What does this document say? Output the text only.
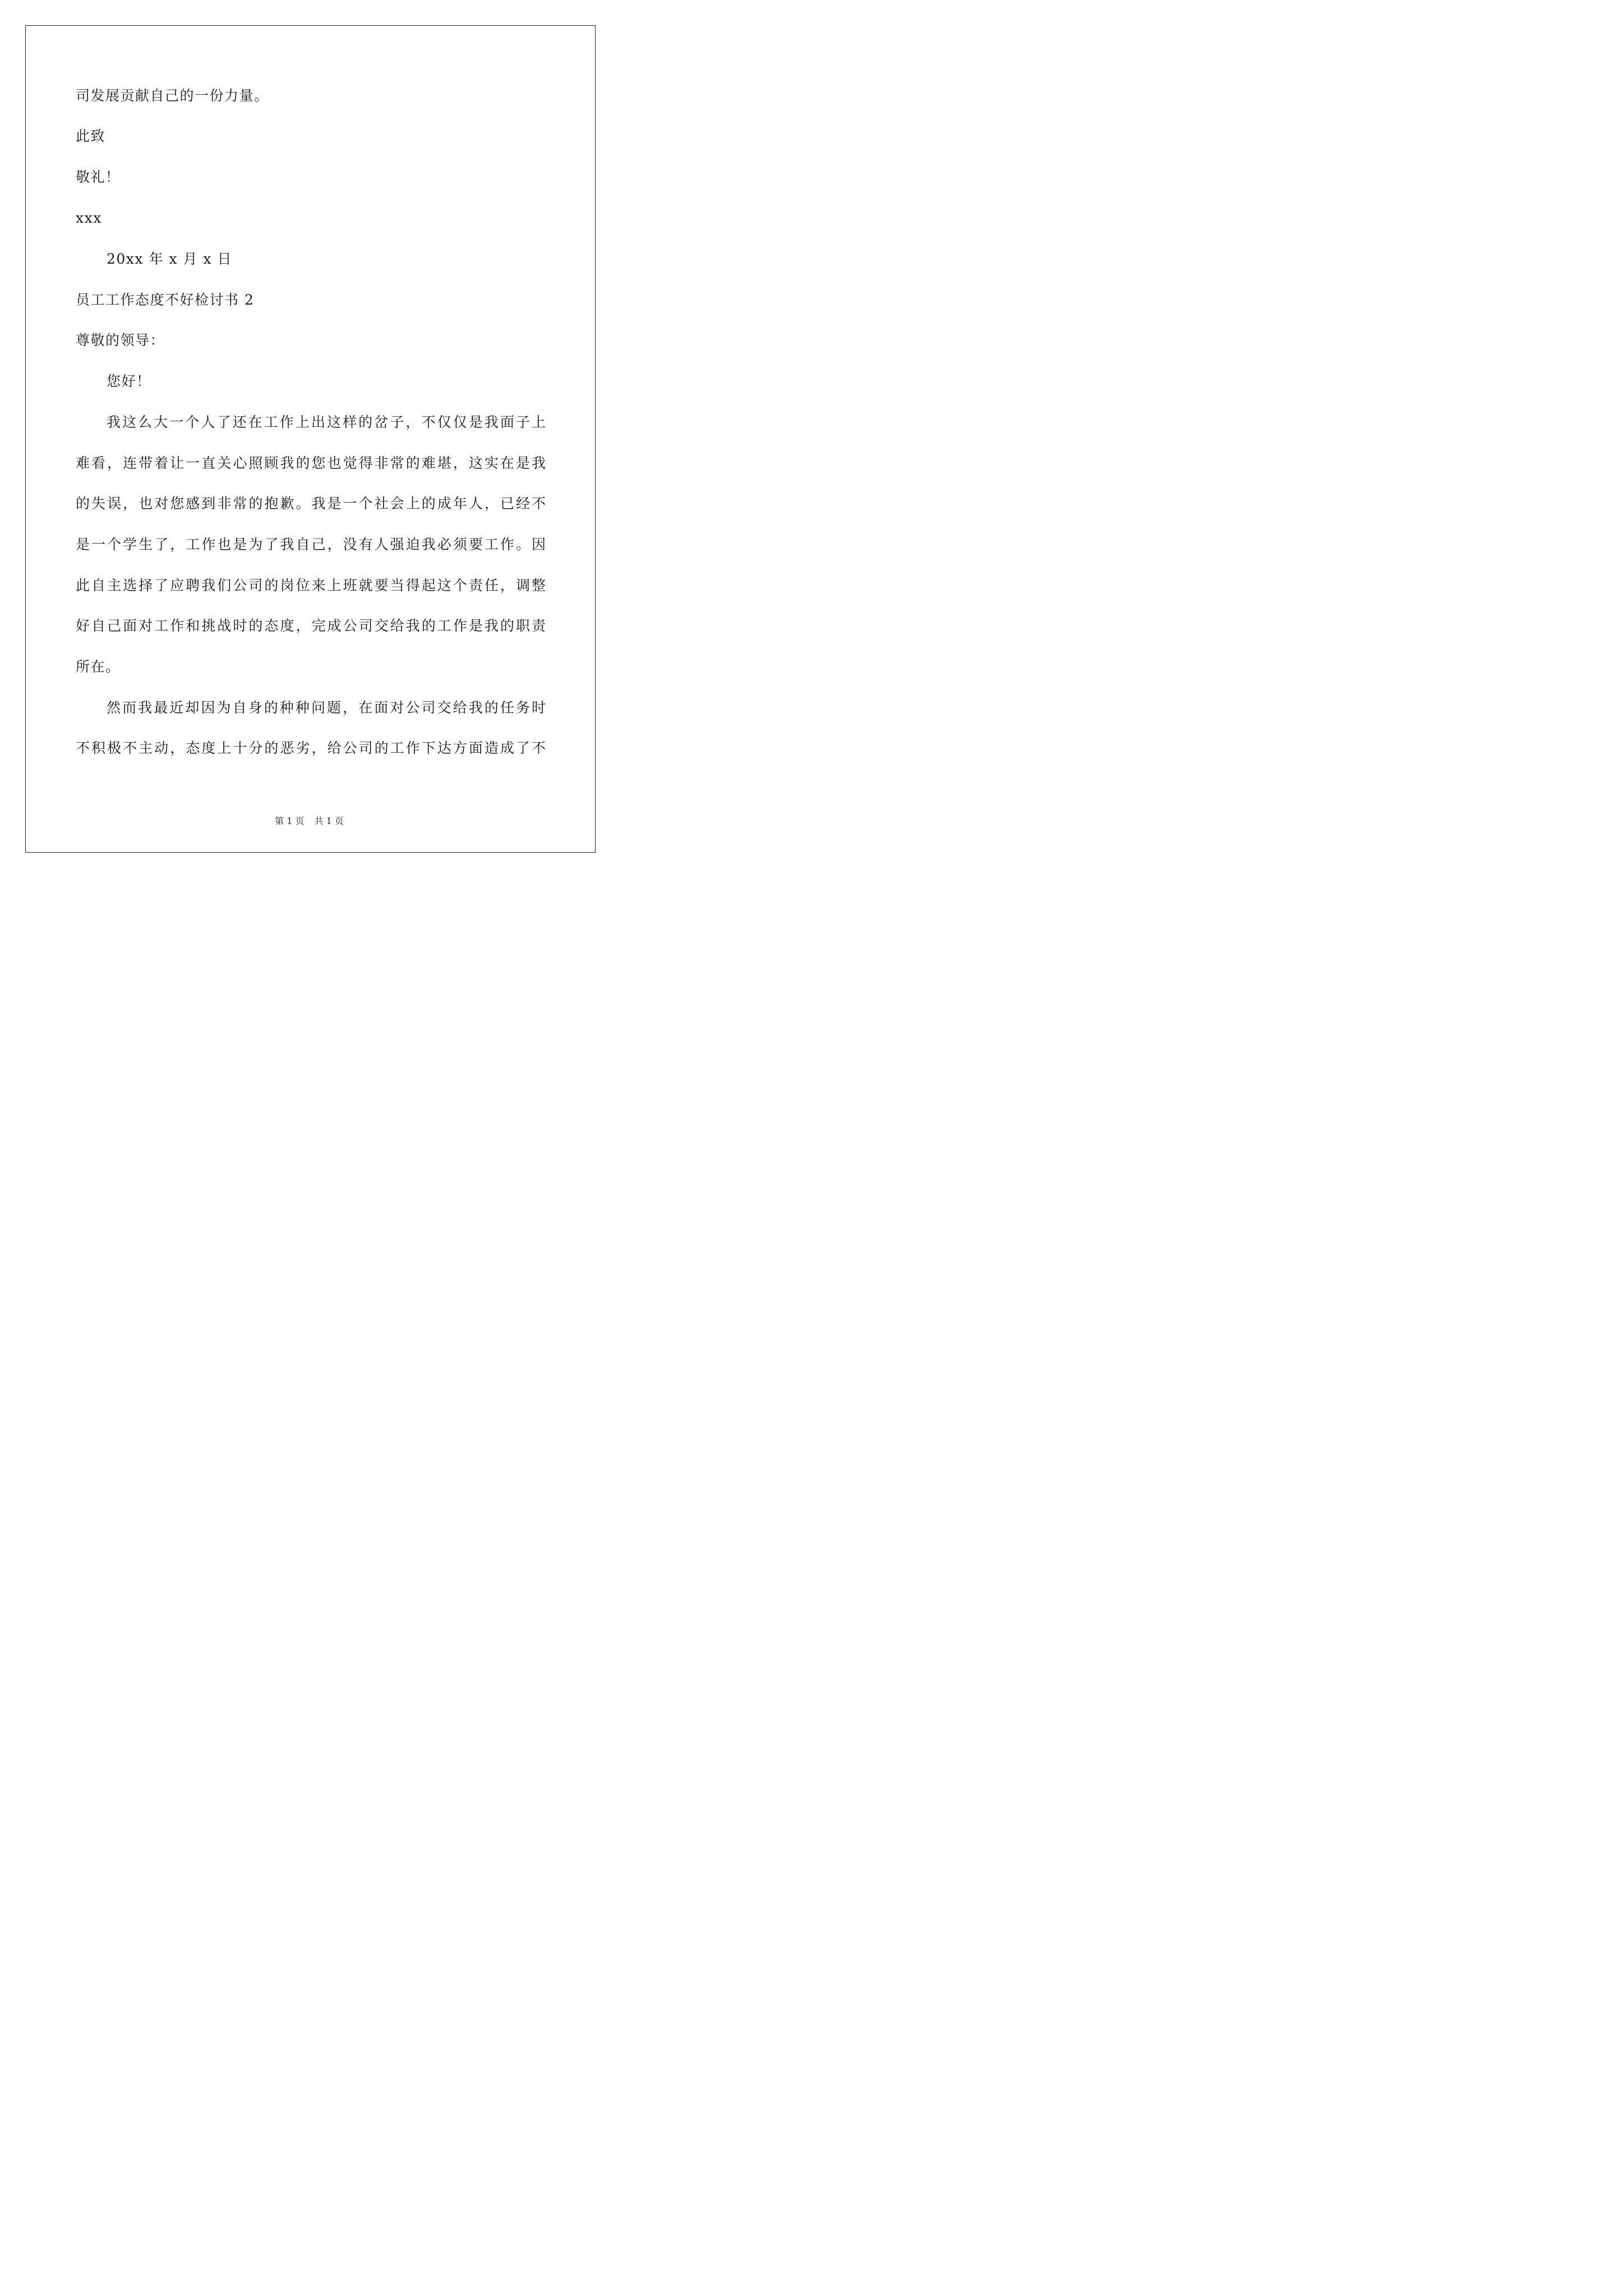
司发展贡献自己的一份力量。
此致
敬礼！
xxx
20xx 年 x 月 x 日
员工工作态度不好检讨书 2
尊敬的领导：
您好！
我这么大一个人了还在工作上出这样的岔子，不仅仅是我面子上
难看，连带着让一直关心照顾我的您也觉得非常的难堪，这实在是我
的失误，也对您感到非常的抱歉。我是一个社会上的成年人，已经不
是一个学生了，工作也是为了我自己，没有人强迫我必须要工作。因
此自主选择了应聘我们公司的岗位来上班就要当得起这个责任，调整
好自己面对工作和挑战时的态度，完成公司交给我的工作是我的职责
所在。
然而我最近却因为自身的种种问题，在面对公司交给我的任务时
不积极不主动，态度上十分的恶劣，给公司的工作下达方面造成了不
第 1 页 共 1 页
